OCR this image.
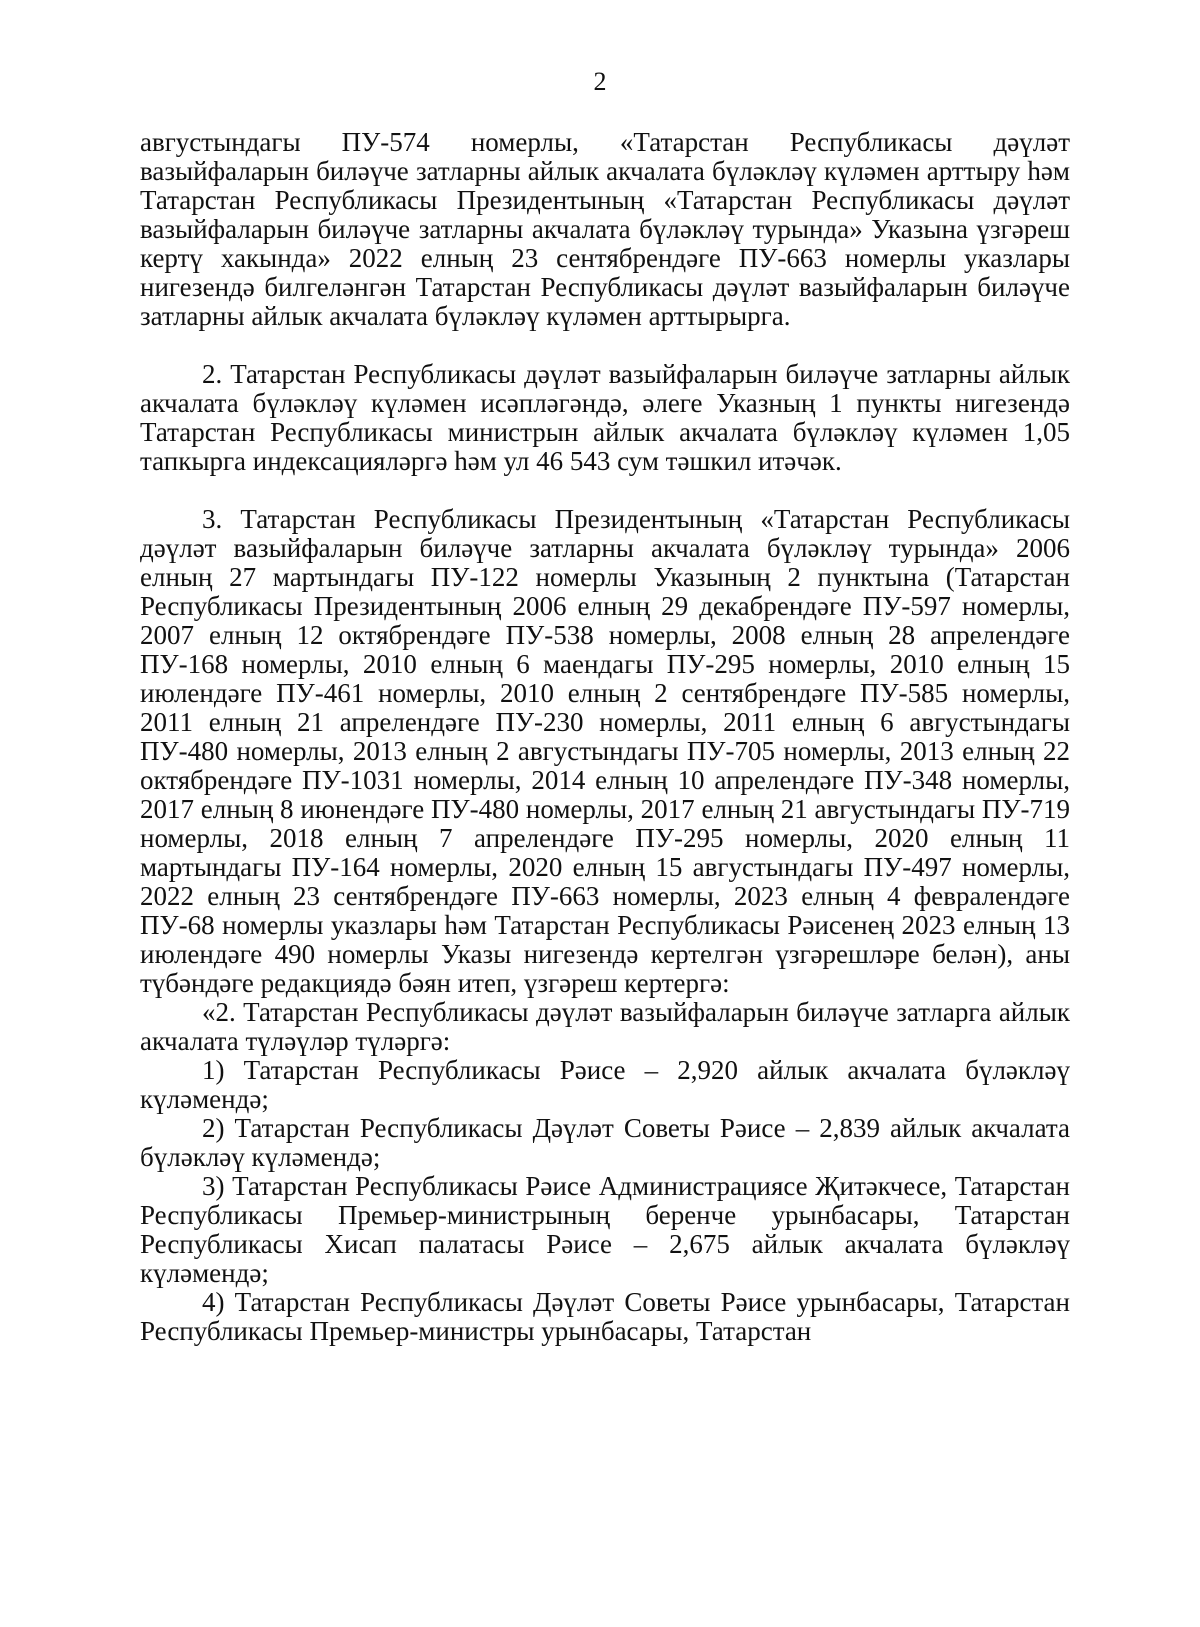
2

августындагы ПУ-574 номерлы, «Татарстан Республикасы дәүләт вазыйфаларын биләүче затларны айлык акчалата бүләкләү күләмен арттыру һәм Татарстан Республикасы Президентының «Татарстан Республикасы дәүләт вазыйфаларын биләүче затларны акчалата бүләкләү турында» Указына үзгәреш кертү хакында» 2022 елның 23 сентябрендәге ПУ-663 номерлы указлары нигезендә билгеләнгән Татарстан Республикасы дәүләт вазыйфаларын биләүче затларны айлык акчалата бүләкләү күләмен арттырырга.

2. Татарстан Республикасы дәүләт вазыйфаларын биләүче затларны айлык акчалата бүләкләү күләмен исәпләгәндә, әлеге Указның 1 пункты нигезендә Татарстан Республикасы министрын айлык акчалата бүләкләү күләмен 1,05 тапкырга индексацияләргә һәм ул 46 543 сум тәшкил итәчәк.

3. Татарстан Республикасы Президентының «Татарстан Республикасы дәүләт вазыйфаларын биләүче затларны акчалата бүләкләү турында» 2006 елның 27 мартындагы ПУ-122 номерлы Указының 2 пунктына (Татарстан Республикасы Президентының 2006 елның 29 декабрендәге ПУ-597 номерлы, 2007 елның 12 октябрендәге ПУ-538 номерлы, 2008 елның 28 апрелендәге ПУ-168 номерлы, 2010 елның 6 маендагы ПУ-295 номерлы, 2010 елның 15 июлендәге ПУ-461 номерлы, 2010 елның 2 сентябрендәге ПУ-585 номерлы, 2011 елның 21 апрелендәге ПУ-230 номерлы, 2011 елның 6 августындагы ПУ-480 номерлы, 2013 елның 2 августындагы ПУ-705 номерлы, 2013 елның 22 октябрендәге ПУ-1031 номерлы, 2014 елның 10 апрелендәге ПУ-348 номерлы, 2017 елның 8 июнендәге ПУ-480 номерлы, 2017 елның 21 августындагы ПУ-719 номерлы, 2018 елның 7 апрелендәге ПУ-295 номерлы, 2020 елның 11 мартындагы ПУ-164 номерлы, 2020 елның 15 августындагы ПУ-497 номерлы, 2022 елның 23 сентябрендәге ПУ-663 номерлы, 2023 елның 4 февралендәге ПУ-68 номерлы указлары һәм Татарстан Республикасы Рәисенең 2023 елның 13 июлендәге 490 номерлы Указы нигезендә кертелгән үзгәрешләре белән), аны түбәндәге редакциядә бәян итеп, үзгәреш кертергә:

«2. Татарстан Республикасы дәүләт вазыйфаларын биләүче затларга айлык акчалата түләүләр түләргә:

1) Татарстан Республикасы Рәисе – 2,920 айлык акчалата бүләкләү күләмендә;

2) Татарстан Республикасы Дәүләт Советы Рәисе – 2,839 айлык акчалата бүләкләү күләмендә;

3) Татарстан Республикасы Рәисе Администрациясе Җитәкчесе, Татарстан Республикасы Премьер-министрының беренче урынбасары, Татарстан Республикасы Хисап палатасы Рәисе – 2,675 айлык акчалата бүләкләү күләмендә;

4) Татарстан Республикасы Дәүләт Советы Рәисе урынбасары, Татарстан Республикасы Премьер-министры урынбасары, Татарстан
